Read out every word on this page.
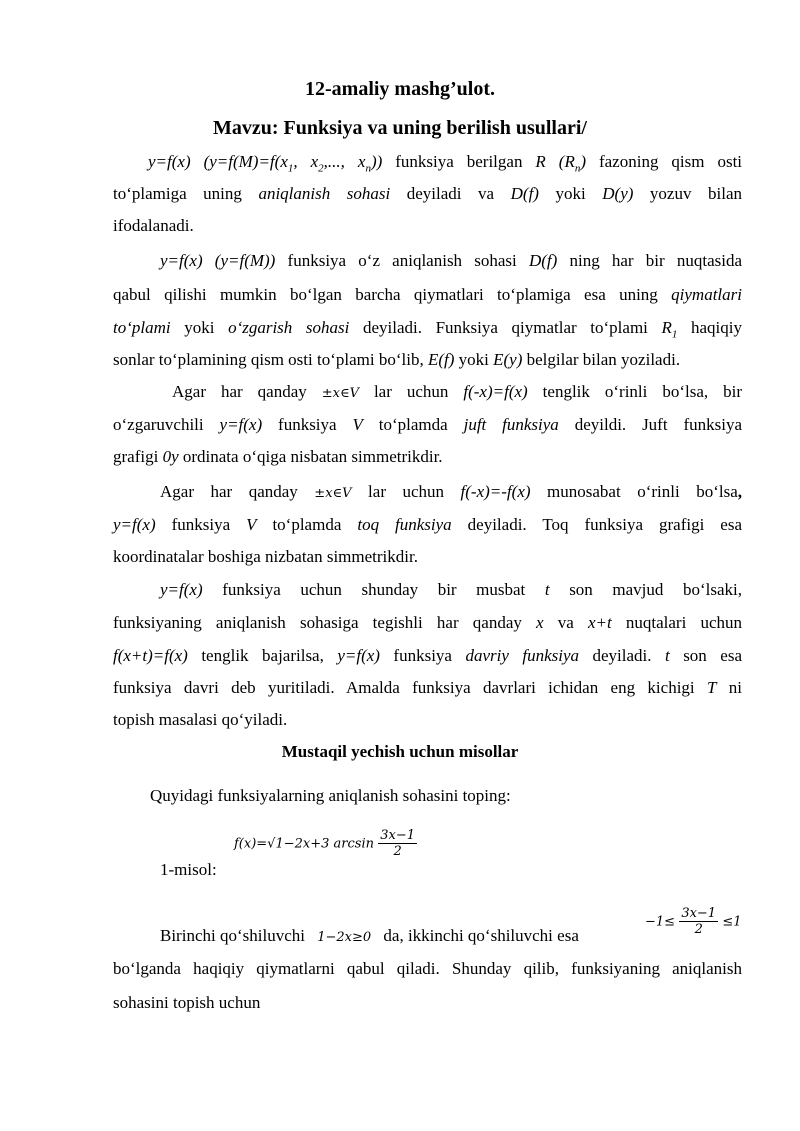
12-amaliy mashg’ulot.
Mavzu: Funksiya va uning berilish usullari/
y=f(x) ($y=f(M)=f(x_1$, $x_2$,..., $x_n$)) funksiya berilgan R $(R_n)$ fazoning qism osti
to‘plamiga uning aniqlanish sohasi deyiladi va D(f) yoki D(y) yozuv bilan
ifodalanadi.
y=f(x) (y=f(M)) funksiya o‘z aniqlanish sohasi D(f) ning har bir nuqtasida
qabul qilishi mumkin bo‘lgan barcha qiymatlari to‘plamiga esa uning qiymatlari
to‘plami yoki o‘zgarish sohasi deyiladi. Funksiya qiymatlar to‘plami $R_1$ haqiqiy
sonlar to‘plamining qism osti to‘plami bo‘lib, E(f) yoki E(y) belgilar bilan yoziladi.
Agar har qanday ±x∈V lar uchun f(-x)=f(x) tenglik o‘rinli bo‘lsa, bir
o‘zgaruvchili y=f(x) funksiya V to‘plamda juft funksiya deyildi. Juft funksiya
grafigi 0y ordinata o‘qiga nisbatan simmetrikdir.
Agar har qanday ±x∈V lar uchun f(-x)=-f(x) munosabat o‘rinli bo‘lsa,
y=f(x) funksiya V to‘plamda toq funksiya deyiladi. Toq funksiya grafigi esa
koordinatalar boshiga nizbatan simmetrikdir.
y=f(x) funksiya uchun shunday bir musbat t son mavjud bo‘lsaki,
funksiyaning aniqlanish sohasiga tegishli har qanday x va x+t nuqtalari uchun
f(x+t)=f(x) tenglik bajarilsa, y=f(x) funksiya davriy funksiya deyiladi. t son esa
funksiya davri deb yuritiladi. Amalda funksiya davrlari ichidan eng kichigi T ni
topish masalasi qo‘yiladi.
Mustaqil yechish uchun misollar
Quyidagi funksiyalarning aniqlanish sohasini toping:
f(x)=√1−2x+3 $\arcsin \frac{3x-1}{2}$
1-misol:
Birinchi qo‘shiluvchi 1−2x≥0 da, ikkinchi qo‘shiluvchi esa
$-1\le \frac{3x-1}{2} \le 1$
bo‘lganda haqiqiy qiymatlarni qabul qiladi. Shunday qilib, funksiyaning aniqlanish
sohasini topish uchun
